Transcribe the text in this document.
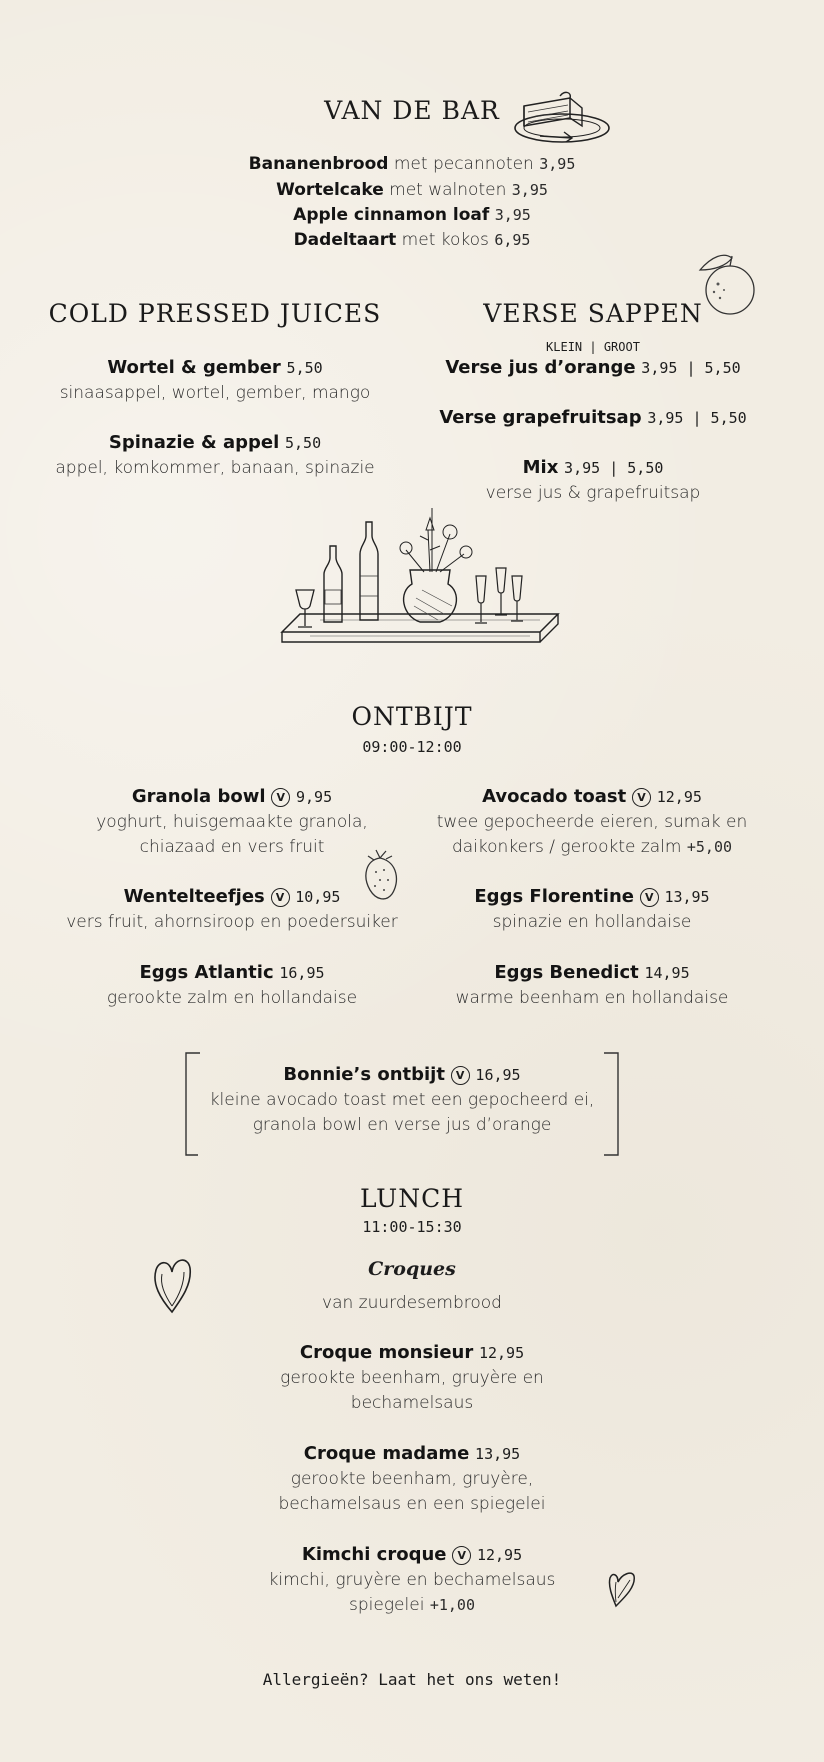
VAN DE BAR
Bananenbrood met pecannoten 3,95
Wortelcake met walnoten 3,95
Apple cinnamon loaf 3,95
Dadeltaart met kokos 6,95
COLD PRESSED JUICES
Wortel & gember 5,50
sinaasappel, wortel, gember, mango
Spinazie & appel 5,50
appel, komkommer, banaan, spinazie
VERSE SAPPEN
KLEIN | GROOT
Verse jus d’orange 3,95 | 5,50
Verse grapefruitsap 3,95 | 5,50
Mix 3,95 | 5,50
verse jus & grapefruitsap
ONTBIJT
09:00-12:00
Granola bowl V 9,95
yoghurt, huisgemaakte granola,
chiazaad en vers fruit
Avocado toast V 12,95
twee gepocheerde eieren, sumak en
daikonkers / gerookte zalm +5,00
Wentelteefjes V 10,95
vers fruit, ahornsiroop en poedersuiker
Eggs Florentine V 13,95
spinazie en hollandaise
Eggs Atlantic 16,95
gerookte zalm en hollandaise
Eggs Benedict 14,95
warme beenham en hollandaise
Bonnie’s ontbijt V 16,95
kleine avocado toast met een gepocheerd ei,
granola bowl en verse jus d’orange
LUNCH
11:00-15:30
Croques
van zuurdesembrood
Croque monsieur 12,95
gerookte beenham, gruyère en
bechamelsaus
Croque madame 13,95
gerookte beenham, gruyère,
bechamelsaus en een spiegelei
Kimchi croque V 12,95
kimchi, gruyère en bechamelsaus
spiegelei +1,00
Allergieën? Laat het ons weten!
